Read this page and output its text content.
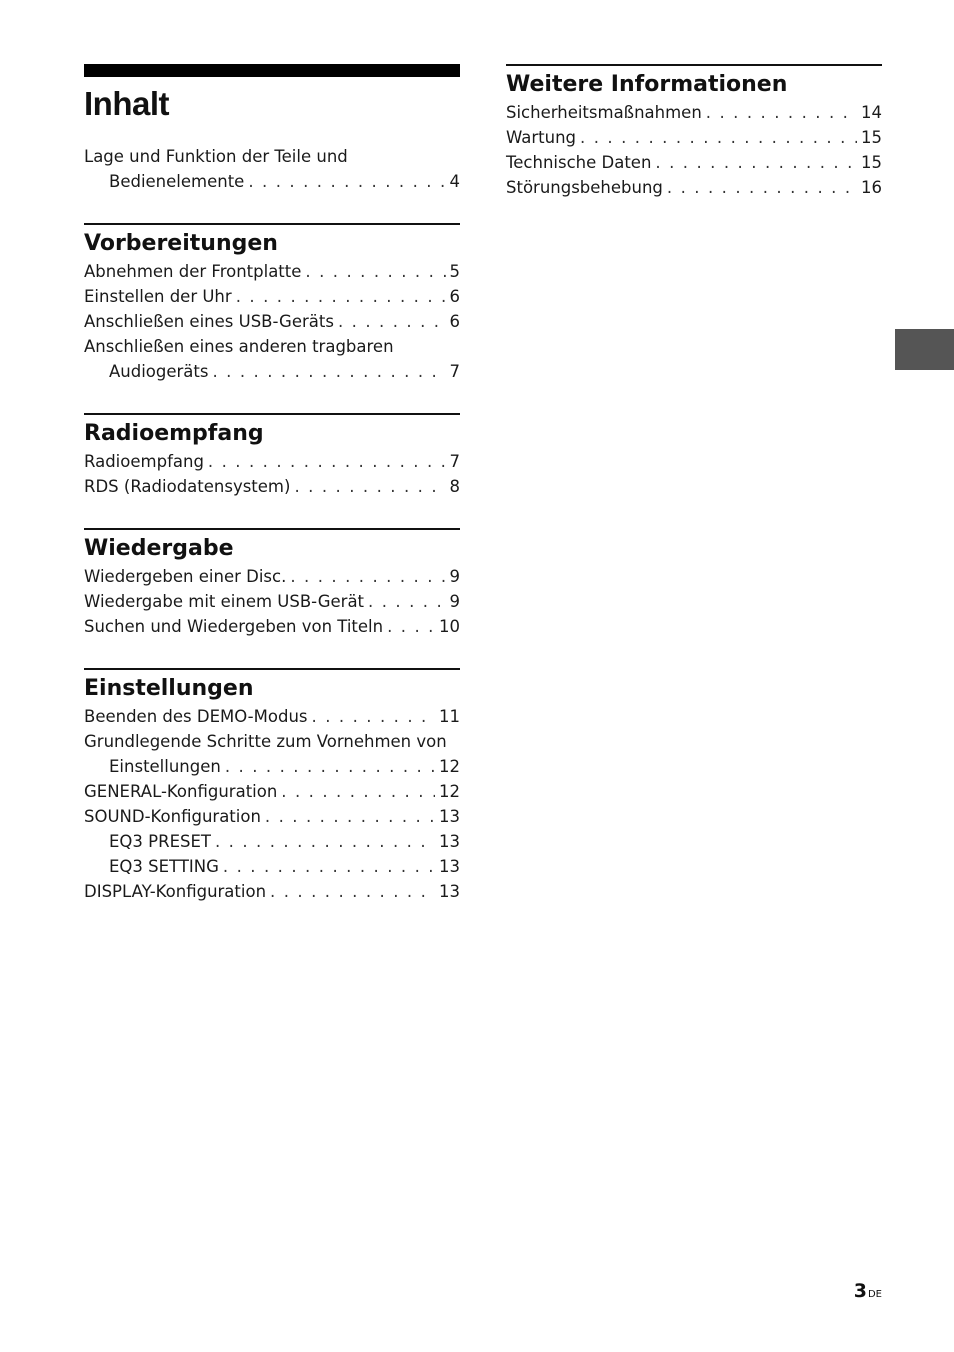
Inhalt
Lage und Funktion der Teile und
Bedienelemente . . .	4
Vorbereitungen
Abnehmen der Frontplatte . . .	5
Einstellen der Uhr . . .	6
Anschließen eines USB-Geräts . . .	6
Anschließen eines anderen tragbaren
Audiogeräts . . .	7
Radioempfang
Radioempfang . . .	7
RDS (Radiodatensystem) . . .	8
Wiedergabe
Wiedergeben einer Disc. . . .	9
Wiedergabe mit einem USB-Gerät . . .	9
Suchen und Wiedergeben von Titeln . . .	10
Einstellungen
Beenden des DEMO-Modus . . .	11
Grundlegende Schritte zum Vornehmen von
Einstellungen . . .	12
GENERAL-Konfiguration . . .	12
SOUND-Konfiguration . . .	13
EQ3 PRESET . . .	13
EQ3 SETTING . . .	13
DISPLAY-Konfiguration . . .	13
Weitere Informationen
Sicherheitsmaßnahmen . . .	14
Wartung . . .	15
Technische Daten . . .	15
Störungsbehebung . . .	16
3DE
